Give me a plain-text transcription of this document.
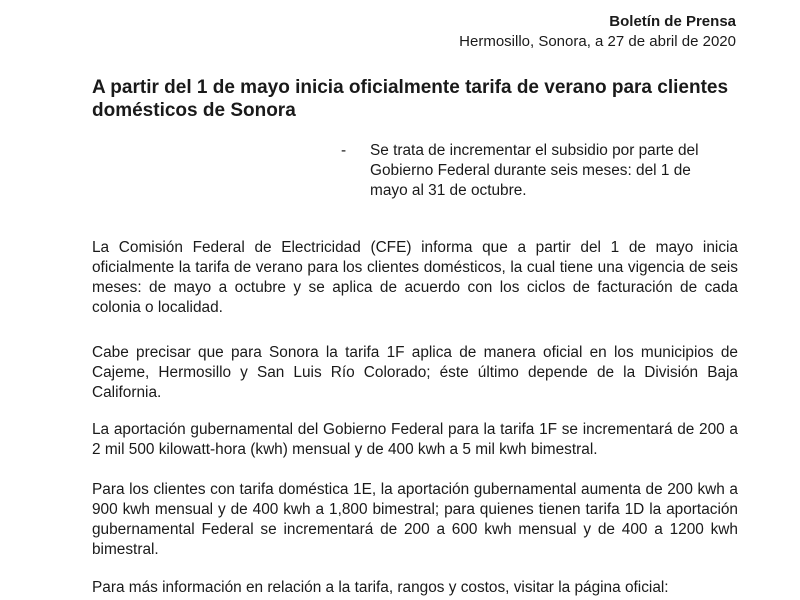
Boletín de Prensa
Hermosillo, Sonora, a 27 de abril de 2020
A partir del 1 de mayo inicia oficialmente tarifa de verano para clientes domésticos de Sonora
- Se trata de incrementar el subsidio por parte del Gobierno Federal durante seis meses: del 1 de mayo al 31 de octubre.

La Comisión Federal de Electricidad (CFE) informa que a partir del 1 de mayo inicia oficialmente la tarifa de verano para los clientes domésticos, la cual tiene una vigencia de seis meses: de mayo a octubre y se aplica de acuerdo con los ciclos de facturación de cada colonia o localidad.

Cabe precisar que para Sonora la tarifa 1F aplica de manera oficial en los municipios de Cajeme, Hermosillo y San Luis Río Colorado; éste último depende de la División Baja California.

La aportación gubernamental del Gobierno Federal para la tarifa 1F se incrementará de 200 a 2 mil 500 kilowatt-hora (kwh) mensual y de 400 kwh a 5 mil kwh bimestral.

Para los clientes con tarifa doméstica 1E, la aportación gubernamental aumenta de 200 kwh a 900 kwh mensual y de 400 kwh a 1,800 bimestral; para quienes tienen tarifa 1D la aportación gubernamental Federal se incrementará de 200 a 600 kwh mensual y de 400 a 1200 kwh bimestral.

Para más información en relación a la tarifa, rangos y costos, visitar la página oficial:
